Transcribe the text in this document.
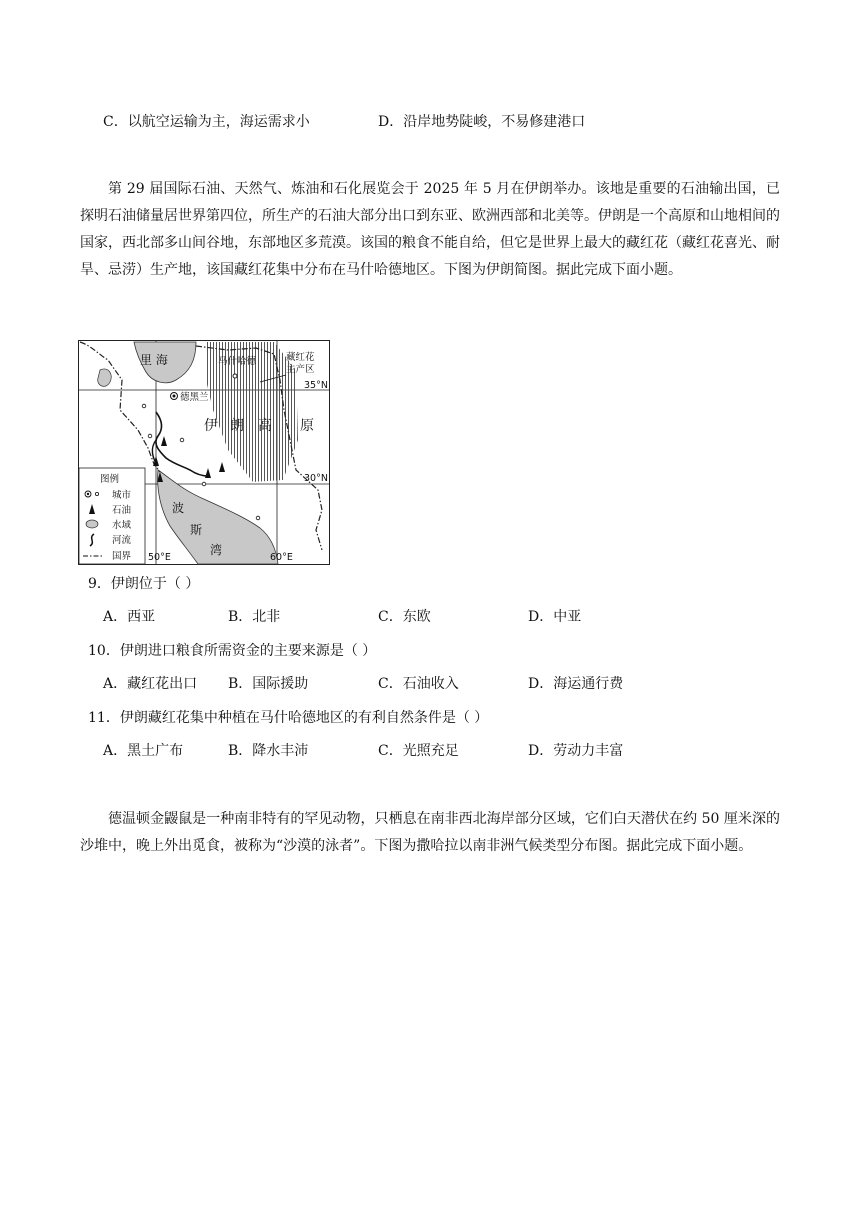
C．以航空运输为主，海运需求小	D．沿岸地势陡峻，不易修建港口

第 29 届国际石油、天然气、炼油和石化展览会于 2025 年 5 月在伊朗举办。该地是重要的石油输出国，已探明石油储量居世界第四位，所生产的石油大部分出口到东亚、欧洲西部和北美等。伊朗是一个高原和山地相间的国家，西北部多山间谷地，东部地区多荒漠。该国的粮食不能自给，但它是世界上最大的藏红花（藏红花喜光、耐旱、忌涝）生产地，该国藏红花集中分布在马什哈德地区。下图为伊朗简图。据此完成下面小题。

里 海	马什哈德	藏红花
主产区
35°N
30°N
德黑兰
伊 朗 高 原
波
斯
湾
50°E	60°E
图例
城市
石油
水域
河流
国界
9．伊朗位于（ ）
A．西亚	B．北非	C．东欧	D．中亚
10．伊朗进口粮食所需资金的主要来源是（ ）
A．藏红花出口 B．国际援助	C．石油收入	D．海运通行费
11．伊朗藏红花集中种植在马什哈德地区的有利自然条件是（ ）
A．黑土广布	B．降水丰沛	C．光照充足	D．劳动力丰富

德温顿金鼹鼠是一种南非特有的罕见动物，只栖息在南非西北海岸部分区域，它们白天潜伏在约 50 厘米深的沙堆中，晚上外出觅食，被称为“沙漠的泳者”。下图为撒哈拉以南非洲气候类型分布图。据此完成下面小题。
